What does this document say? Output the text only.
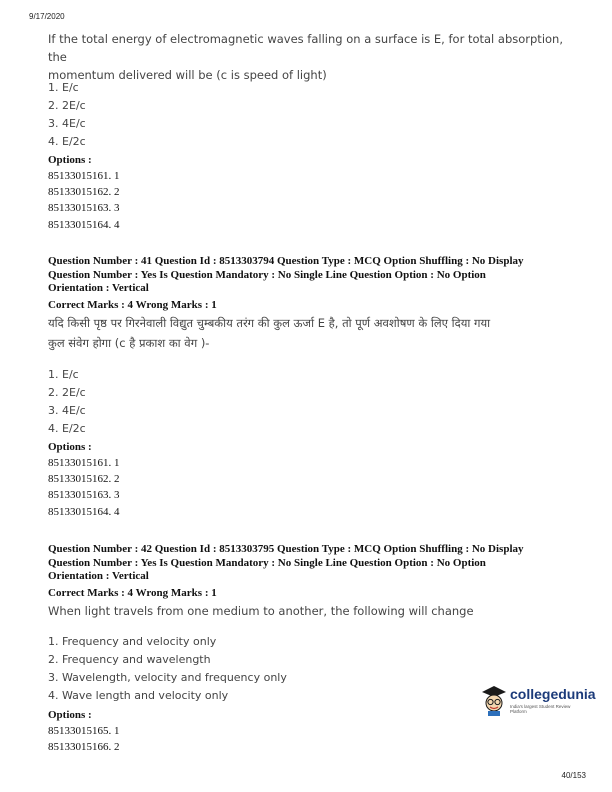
9/17/2020
If the total energy of electromagnetic waves falling on a surface is E, for total absorption, the
momentum delivered will be (c is speed of light)
1. E/c
2. 2E/c
3. 4E/c
4. E/2c
Options :
85133015161. 1
85133015162. 2
85133015163. 3
85133015164. 4
Question Number : 41 Question Id : 8513303794 Question Type : MCQ Option Shuffling : No Display
Question Number : Yes Is Question Mandatory : No Single Line Question Option : No Option
Orientation : Vertical
Correct Marks : 4 Wrong Marks : 1
यदि किसी पृष्ठ पर गिरनेवाली विद्युत चुम्बकीय तरंग की कुल ऊर्जा E है, तो पूर्ण अवशोषण के लिए दिया गया
कुल संवेग होगा (c है प्रकाश का वेग )-
1. E/c
2. 2E/c
3. 4E/c
4. E/2c
Options :
85133015161. 1
85133015162. 2
85133015163. 3
85133015164. 4
Question Number : 42 Question Id : 8513303795 Question Type : MCQ Option Shuffling : No Display
Question Number : Yes Is Question Mandatory : No Single Line Question Option : No Option
Orientation : Vertical
Correct Marks : 4 Wrong Marks : 1
When light travels from one medium to another, the following will change
1. Frequency and velocity only
2. Frequency and wavelength
3. Wavelength, velocity and frequency only
4. Wave length and velocity only
Options :
85133015165. 1
85133015166. 2
collegedunia
India's largest Student Review Platform
40/153
